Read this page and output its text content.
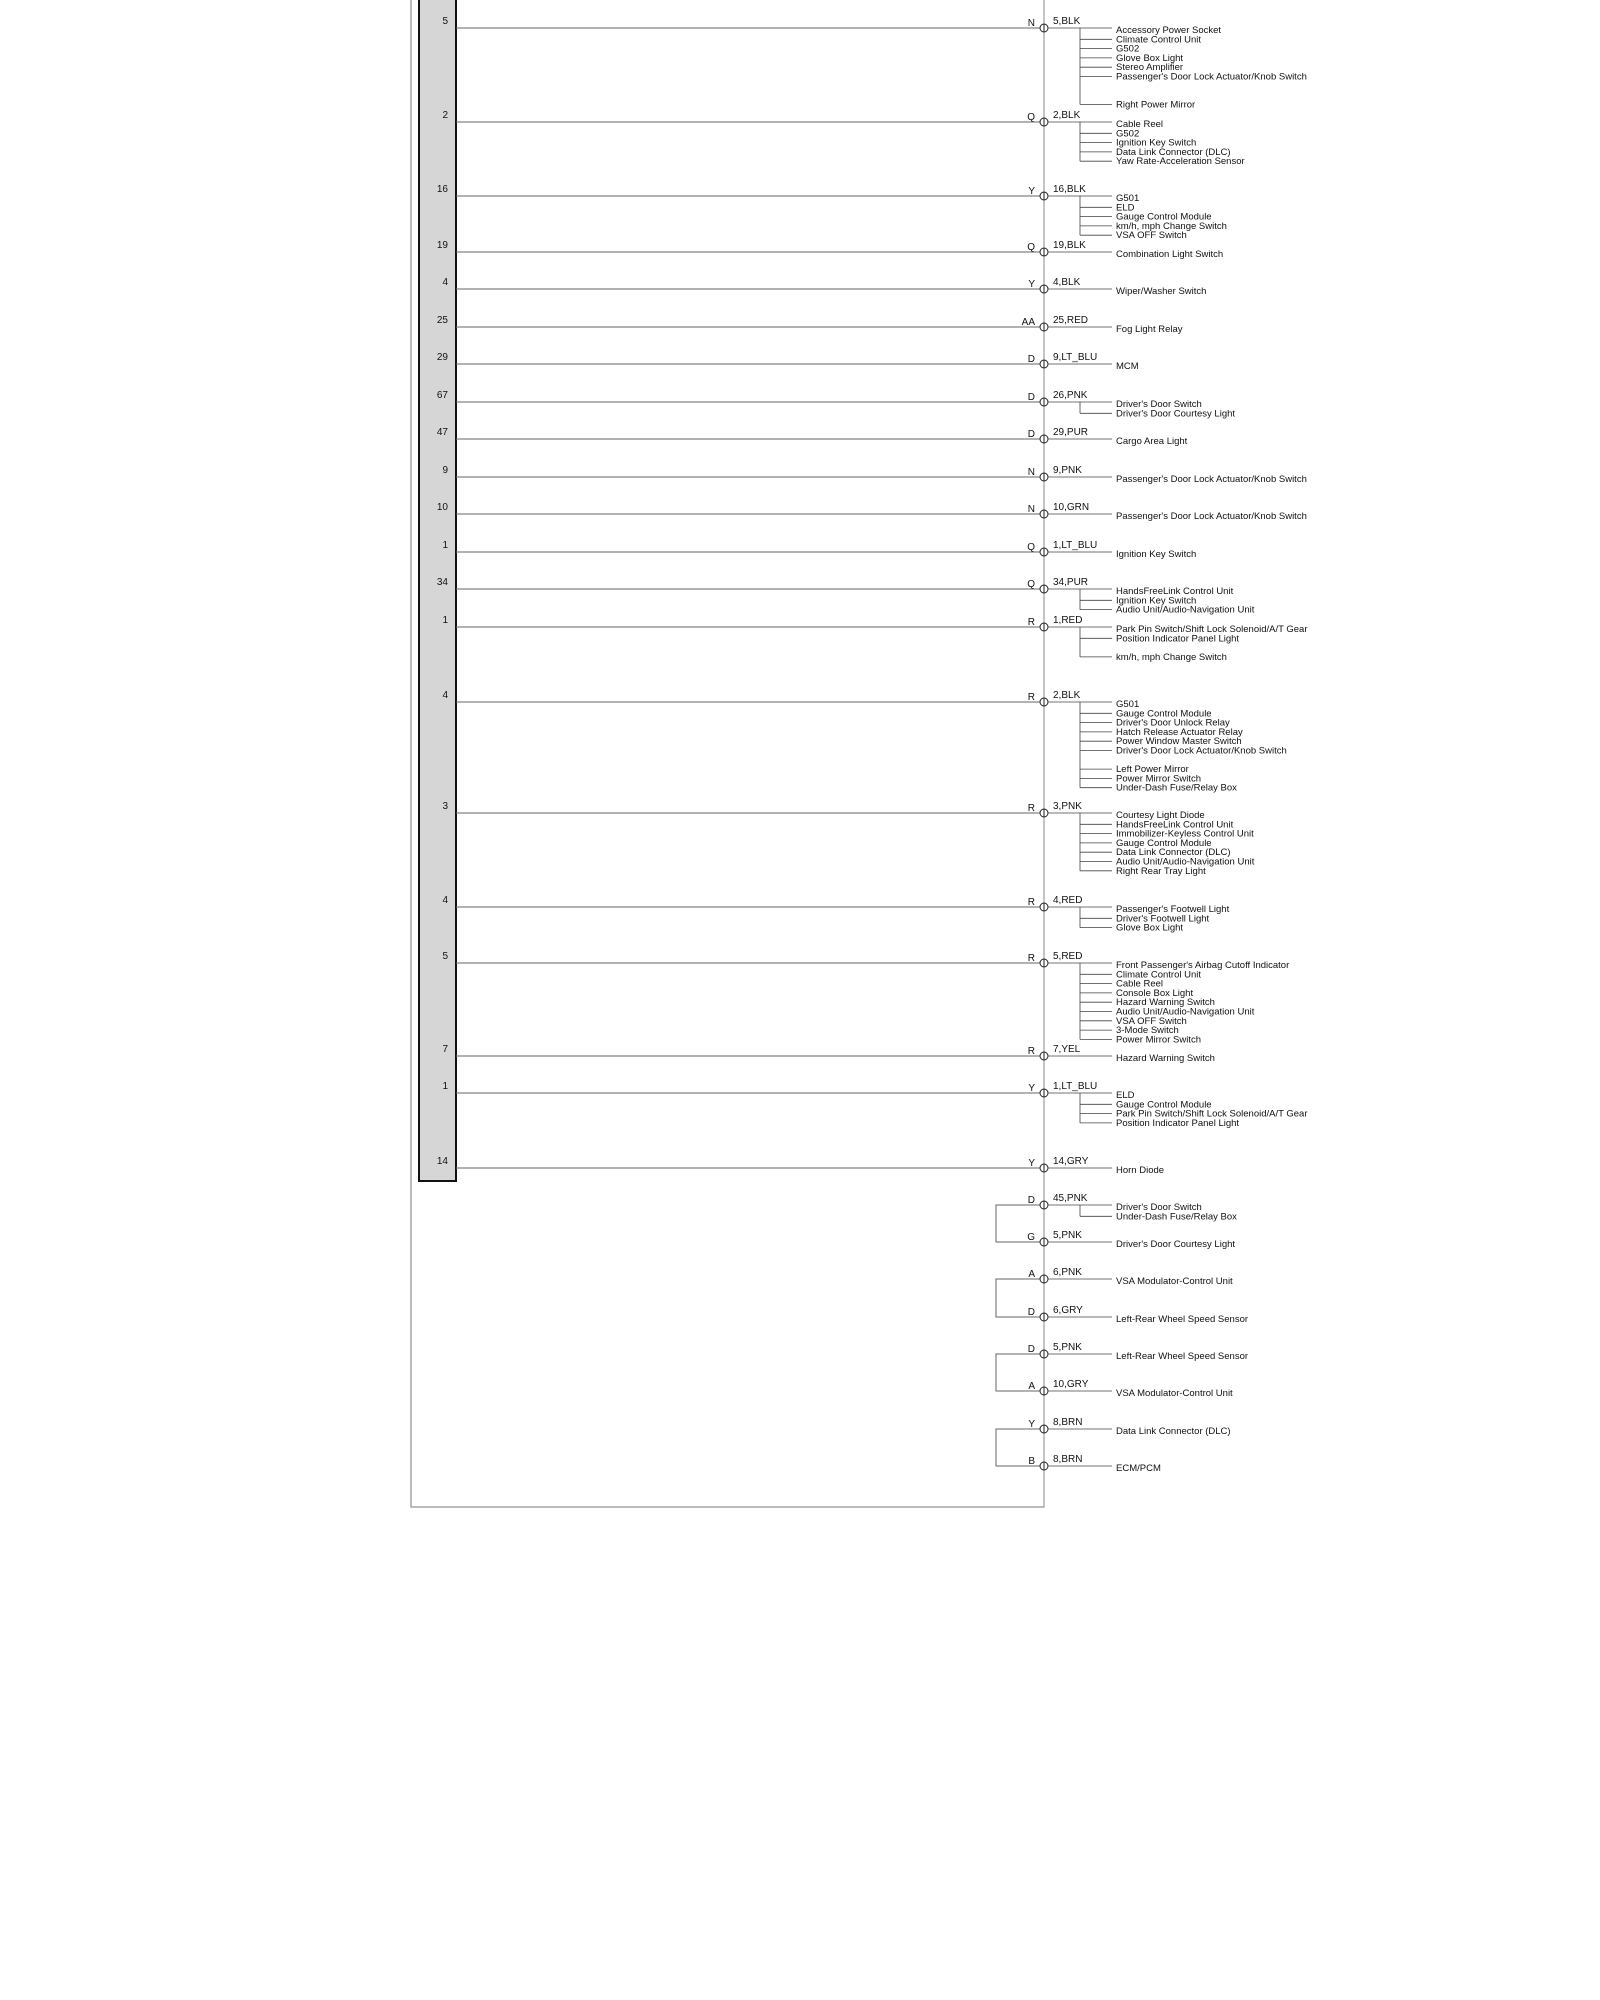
5	N 5,BLK
Accessory Power Socket
Climate Control Unit
G502
Glove Box Light
Stereo Amplifier
Passenger's Door Lock Actuator/Knob Switch
Right Power Mirror
2	Q 2,BLK
Cable Reel
G502
Ignition Key Switch
Data Link Connector (DLC)
Yaw Rate-Acceleration Sensor
16	Y 16,BLK
G501
ELD
Gauge Control Module
km/h, mph Change Switch
VSA OFF Switch
19	Q 19,BLK
Combination Light Switch
4	Y 4,BLK
Wiper/Washer Switch
25	AA 25,RED
Fog Light Relay
29	D 9,LT_BLU
MCM
67	D 26,PNK
Driver's Door Switch
Driver's Door Courtesy Light
47	D 29,PUR
Cargo Area Light
9	N 9,PNK
Passenger's Door Lock Actuator/Knob Switch
10	N 10,GRN
Passenger's Door Lock Actuator/Knob Switch
1	Q 1,LT_BLU
Ignition Key Switch
34	Q 34,PUR
HandsFreeLink Control Unit
Ignition Key Switch
Audio Unit/Audio-Navigation Unit
1	R 1,RED
Park Pin Switch/Shift Lock Solenoid/A/T Gear
Position Indicator Panel Light
km/h, mph Change Switch
4	R 2,BLK
G501
Gauge Control Module
Driver's Door Unlock Relay
Hatch Release Actuator Relay
Power Window Master Switch
Driver's Door Lock Actuator/Knob Switch
Left Power Mirror
Power Mirror Switch
Under-Dash Fuse/Relay Box
3	R 3,PNK
Courtesy Light Diode
HandsFreeLink Control Unit
Immobilizer-Keyless Control Unit
Gauge Control Module
Data Link Connector (DLC)
Audio Unit/Audio-Navigation Unit
Right Rear Tray Light
4	R 4,RED
Passenger's Footwell Light
Driver's Footwell Light
Glove Box Light
5	R 5,RED
Front Passenger's Airbag Cutoff Indicator
Climate Control Unit
Cable Reel
Console Box Light
Hazard Warning Switch
Audio Unit/Audio-Navigation Unit
VSA OFF Switch
3-Mode Switch
Power Mirror Switch
7	R 7,YEL
Hazard Warning Switch
1	Y 1,LT_BLU
ELD
Gauge Control Module
Park Pin Switch/Shift Lock Solenoid/A/T Gear
Position Indicator Panel Light
14	Y 14,GRY
Horn Diode
D 45,PNK
Driver's Door Switch
Under-Dash Fuse/Relay Box
G 5,PNK
Driver's Door Courtesy Light
A 6,PNK
VSA Modulator-Control Unit
D 6,GRY
Left-Rear Wheel Speed Sensor
D 5,PNK
Left-Rear Wheel Speed Sensor
A 10,GRY
VSA Modulator-Control Unit
Y 8,BRN
Data Link Connector (DLC)
B 8,BRN
ECM/PCM
